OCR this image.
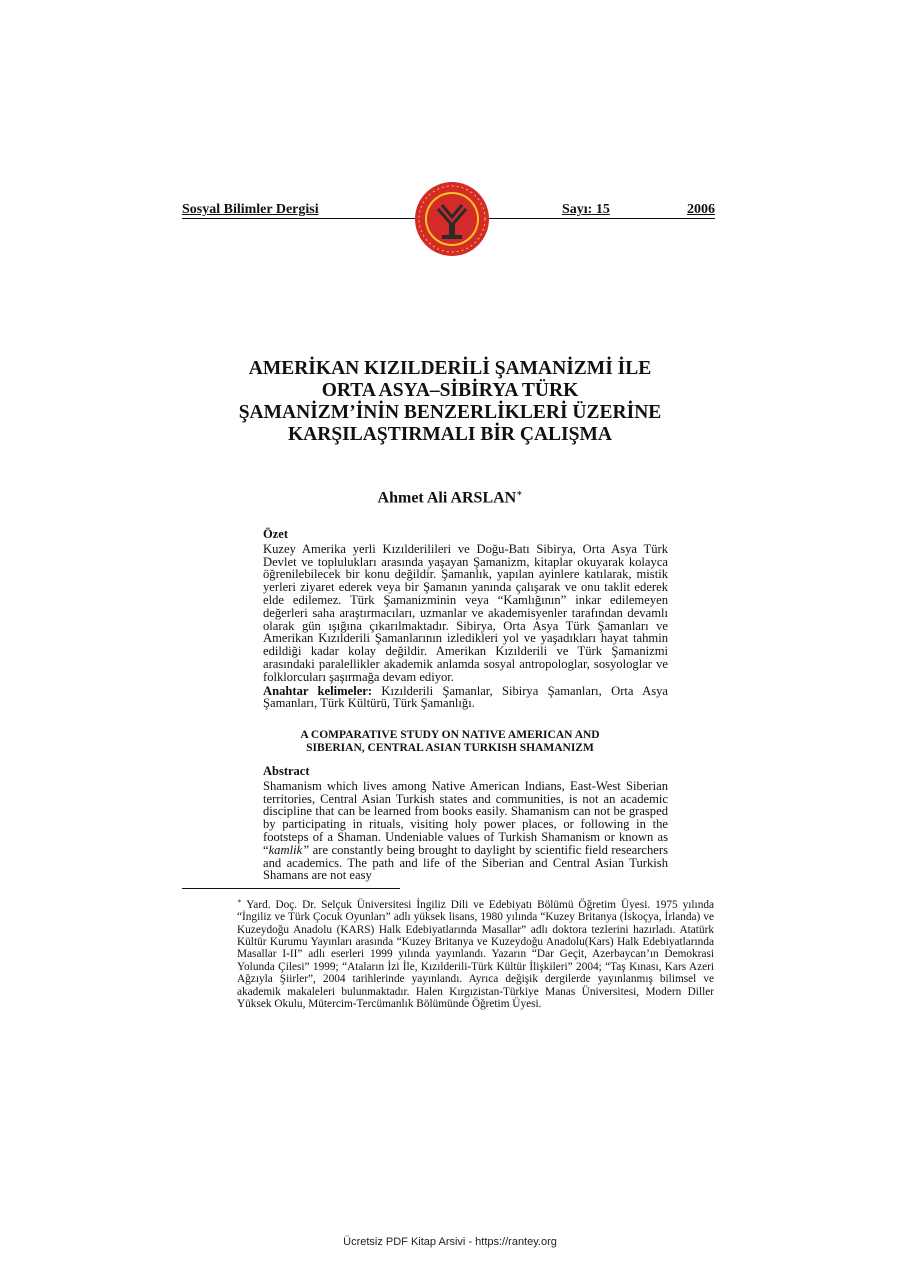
Sosyal Bilimler Dergisi	Sayı: 15	2006
AMERİKAN KIZILDERİLİ ŞAMANİZMİ İLE
ORTA ASYA–SİBİRYA TÜRK
ŞAMANİZM’İNİN BENZERLİKLERİ ÜZERİNE
KARŞILAŞTIRMALI BİR ÇALIŞMA
Ahmet Ali ARSLAN∗
Özet

Kuzey Amerika yerli Kızılderilileri ve Doğu-Batı Sibirya, Orta Asya Türk Devlet ve toplulukları arasında yaşayan Şamanizm, kitaplar okuyarak kolayca öğrenilebilecek bir konu değildir. Şamanlık, yapılan ayinlere katılarak, mistik yerleri ziyaret ederek veya bir Şamanın yanında çalışarak ve onu taklit ederek elde edilemez. Türk Şamanizminin veya “Kamlığının” inkar edilemeyen değerleri saha araştırmacıları, uzmanlar ve akademisyenler tarafından devamlı olarak gün ışığına çıkarılmaktadır. Sibirya, Orta Asya Türk Şamanları ve Amerikan Kızılderili Şamanlarının izledikleri yol ve yaşadıkları hayat tahmin edildiği kadar kolay değildir. Amerikan Kızılderili ve Türk Şamanizmi arasındaki paralellikler akademik anlamda sosyal antropologlar, sosyologlar ve folklorcuları şaşırmağa devam ediyor.

Anahtar kelimeler: Kızılderili Şamanlar, Sibirya Şamanları, Orta Asya Şamanları, Türk Kültürü, Türk Şamanlığı.

A COMPARATIVE STUDY ON NATIVE AMERICAN AND
SIBERIAN, CENTRAL ASIAN TURKISH SHAMANIZM
Abstract

Shamanism which lives among Native American Indians, East-West Siberian territories, Central Asian Turkish states and communities, is not an academic discipline that can be learned from books easily. Shamanism can not be grasped by participating in rituals, visiting holy power places, or following in the footsteps of a Shaman. Undeniable values of Turkish Shamanism or known as “kamlik” are constantly being brought to daylight by scientific field researchers and academics. The path and life of the Siberian and Central Asian Turkish Shamans are not easy

∗ Yard. Doç. Dr. Selçuk Üniversitesi İngiliz Dili ve Edebiyatı Bölümü Öğretim Üyesi. 1975 yılında “İngiliz ve Türk Çocuk Oyunları” adlı yüksek lisans, 1980 yılında “Kuzey Britanya (İskoçya, İrlanda) ve Kuzeydoğu Anadolu (KARS) Halk Edebiyatlarında Masallar” adlı doktora tezlerini hazırladı. Atatürk Kültür Kurumu Yayınları arasında “Kuzey Britanya ve Kuzeydoğu Anadolu(Kars) Halk Edebiyatlarında Masallar I-II” adlı eserleri 1999 yılında yayınlandı. Yazarın “Dar Geçit, Azerbaycan’ın Demokrasi Yolunda Çilesi” 1999; “Ataların İzi İle, Kızılderili-Türk Kültür İlişkileri” 2004; “Taş Kınası, Kars Azeri Ağzıyla Şiirler”, 2004 tarihlerinde yayınlandı. Ayrıca değişik dergilerde yayınlanmış bilimsel ve akademik makaleleri bulunmaktadır. Halen Kırgızistan-Türkiye Manas Üniversitesi, Modern Diller Yüksek Okulu, Mütercim-Tercümanlık Bölümünde Öğretim Üyesi.
Ücretsiz PDF Kitap Arsivi - https://rantey.org
